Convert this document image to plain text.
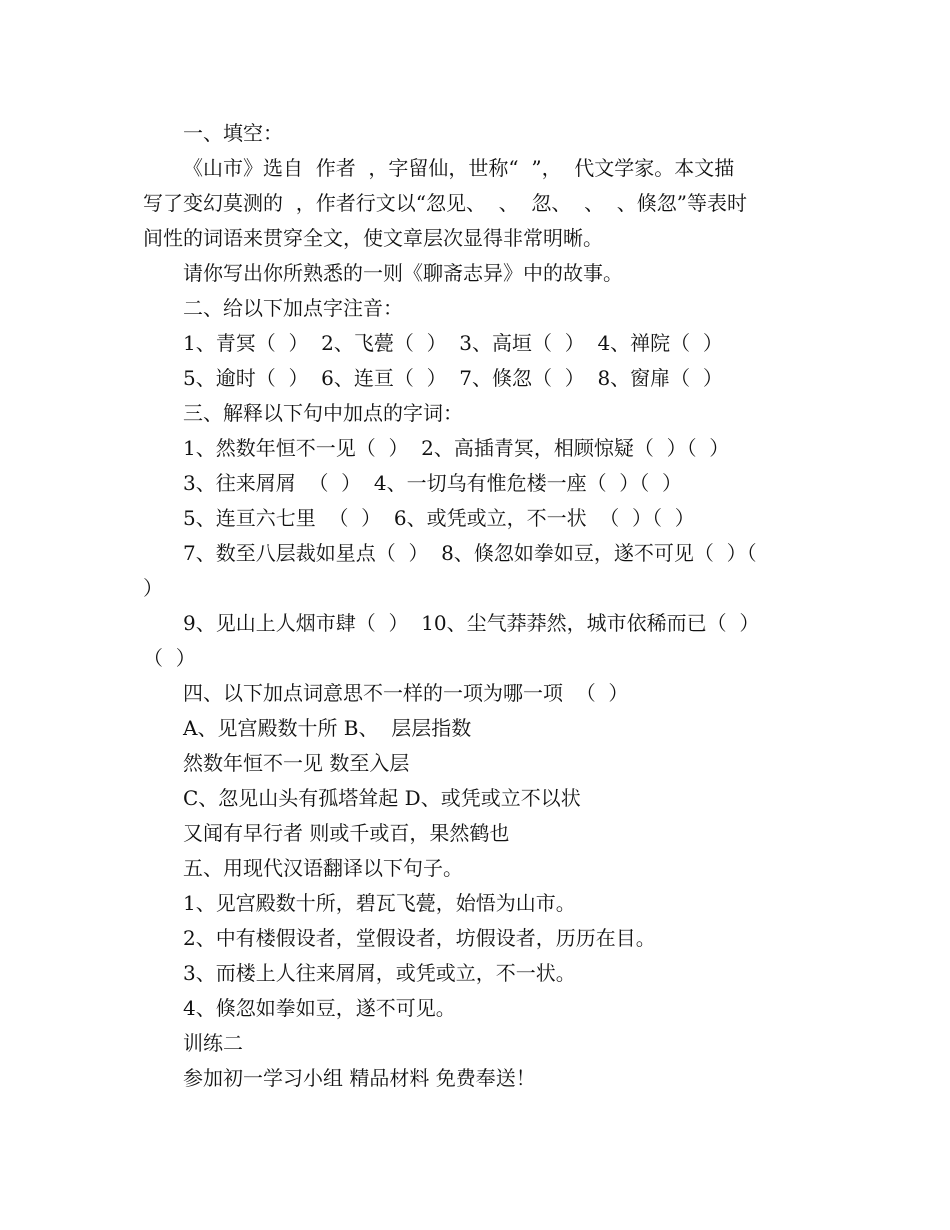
一、填空：
《山市》选自  作者  ，字留仙，世称“  ”，  代文学家。本文描
写了变幻莫测的  ，作者行文以“忽见、  、  忽、  、  、倏忽”等表时
间性的词语来贯穿全文，使文章层次显得非常明晰。
请你写出你所熟悉的一则《聊斋志异》中的故事。
二、给以下加点字注音：
1、青冥（  ）  2、飞甍（  ）  3、高垣（  ）  4、禅院（  ）
5、逾时（  ）  6、连亘（  ）  7、倏忽（  ）  8、窗扉（  ）
三、解释以下句中加点的字词：
1、然数年恒不一见（  ）  2、高插青冥，相顾惊疑（  ）（  ）
3、往来屑屑  （  ）  4、一切乌有惟危楼一座（  ）（  ）
5、连亘六七里  （  ）  6、或凭或立，不一状  （  ）（  ）
7、数至八层裁如星点（  ）  8、倏忽如拳如豆，遂不可见（  ）（
）
9、见山上人烟市肆（  ）  10、尘气莽莽然，城市依稀而已（  ）
（  ）
四、以下加点词意思不一样的一项为哪一项  （  ）
A、见宫殿数十所 B、  层层指数
然数年恒不一见 数至入层
C、忽见山头有孤塔耸起 D、或凭或立不以状
又闻有早行者 则或千或百，果然鹤也
五、用现代汉语翻译以下句子。
1、见宫殿数十所，碧瓦飞甍，始悟为山市。
2、中有楼假设者，堂假设者，坊假设者，历历在目。
3、而楼上人往来屑屑，或凭或立，不一状。
4、倏忽如拳如豆，遂不可见。
训练二
参加初一学习小组 精品材料 免费奉送！
